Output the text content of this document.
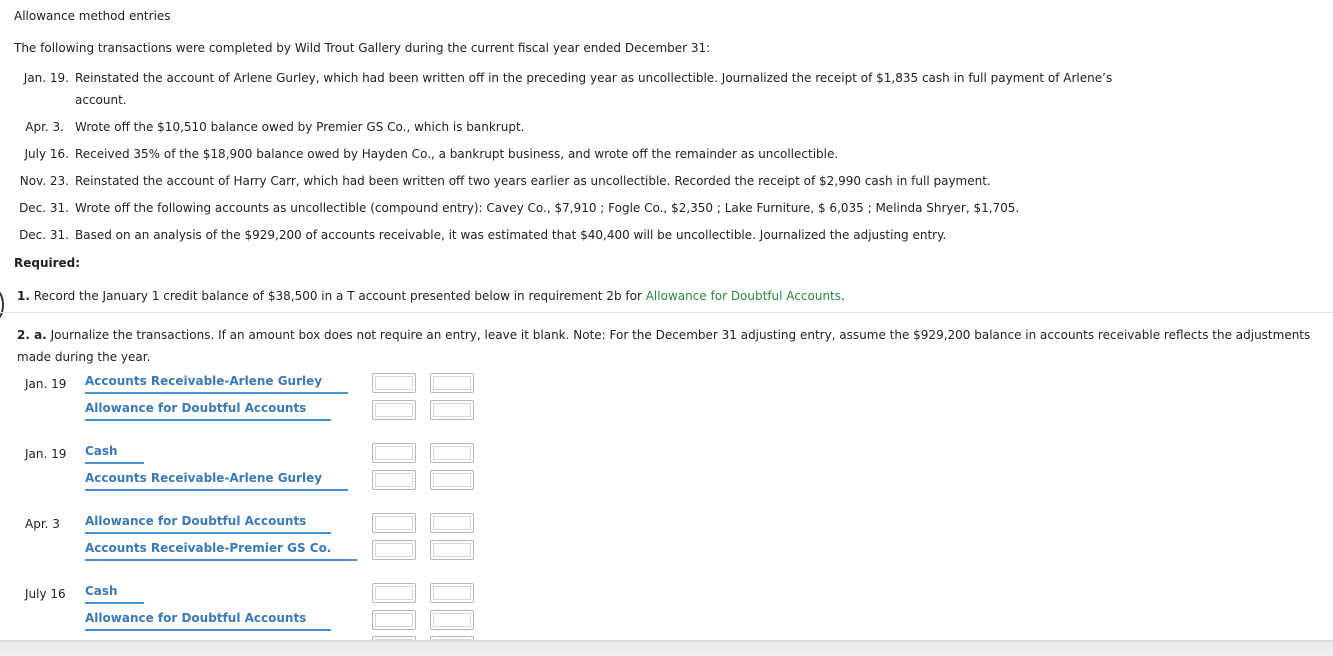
Allowance method entries
The following transactions were completed by Wild Trout Gallery during the current fiscal year ended December 31:
Jan. 19. Reinstated the account of Arlene Gurley, which had been written off in the preceding year as uncollectible. Journalized the receipt of $1,835 cash in full payment of Arlene’s
account.
Apr. 3. Wrote off the $10,510 balance owed by Premier GS Co., which is bankrupt.
July 16. Received 35% of the $18,900 balance owed by Hayden Co., a bankrupt business, and wrote off the remainder as uncollectible.
Nov. 23. Reinstated the account of Harry Carr, which had been written off two years earlier as uncollectible. Recorded the receipt of $2,990 cash in full payment.
Dec. 31. Wrote off the following accounts as uncollectible (compound entry): Cavey Co., $7,910 ; Fogle Co., $2,350 ; Lake Furniture, $ 6,035 ; Melinda Shryer, $1,705.
Dec. 31. Based on an analysis of the $929,200 of accounts receivable, it was estimated that $40,400 will be uncollectible. Journalized the adjusting entry.
Required:
1. Record the January 1 credit balance of $38,500 in a T account presented below in requirement 2b for Allowance for Doubtful Accounts.
2. a. Journalize the transactions. If an amount box does not require an entry, leave it blank. Note: For the December 31 adjusting entry, assume the $929,200 balance in accounts receivable reflects the adjustments made during the year.
Jan. 19 Accounts Receivable-Arlene Gurley
Allowance for Doubtful Accounts
Jan. 19 Cash
Accounts Receivable-Arlene Gurley
Apr. 3 Allowance for Doubtful Accounts
Accounts Receivable-Premier GS Co.
July 16 Cash
Allowance for Doubtful Accounts
